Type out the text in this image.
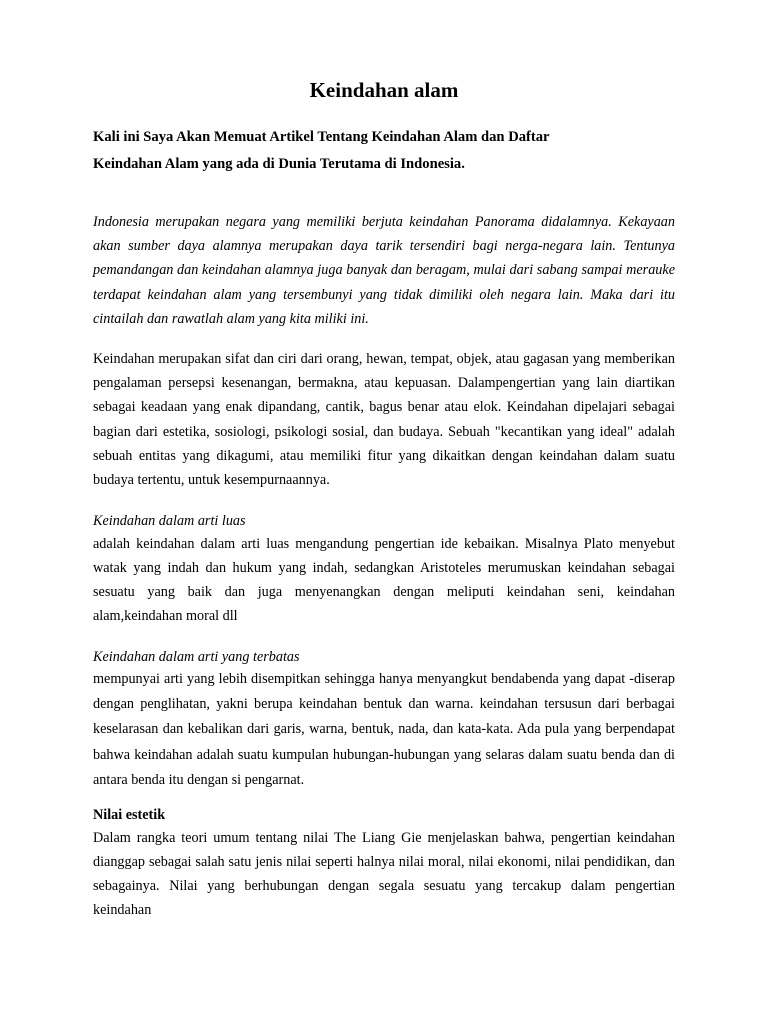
Keindahan alam

Kali ini Saya Akan Memuat Artikel Tentang Keindahan Alam dan Daftar
Keindahan Alam yang ada di Dunia Terutama di Indonesia.

Indonesia merupakan negara yang memiliki berjuta keindahan Panorama didalamnya. Kekayaan akan sumber daya alamnya merupakan daya tarik tersendiri bagi nerga-negara lain. Tentunya pemandangan dan keindahan alamnya juga banyak dan beragam, mulai dari sabang sampai merauke terdapat keindahan alam yang tersembunyi yang tidak dimiliki oleh negara lain. Maka dari itu cintailah dan rawatlah alam yang kita miliki ini.

Keindahan merupakan sifat dan ciri dari orang, hewan, tempat, objek, atau gagasan yang memberikan pengalaman persepsi kesenangan, bermakna, atau kepuasan. Dalampengertian yang lain diartikan sebagai keadaan yang enak dipandang, cantik, bagus benar atau elok. Keindahan dipelajari sebagai bagian dari estetika, sosiologi, psikologi sosial, dan budaya. Sebuah "kecantikan yang ideal" adalah sebuah entitas yang dikagumi, atau memiliki fitur yang dikaitkan dengan keindahan dalam suatu budaya tertentu, untuk kesempurnaannya.

Keindahan dalam arti luas

adalah keindahan dalam arti luas mengandung pengertian ide kebaikan. Misalnya Plato menyebut watak yang indah dan hukum yang indah, sedangkan Aristoteles merumuskan keindahan sebagai sesuatu yang baik dan juga menyenangkan dengan meliputi keindahan seni, keindahan alam,keindahan moral dll

Keindahan dalam arti yang terbatas

mempunyai arti yang lebih disempitkan sehingga hanya menyangkut bendabenda yang dapat -diserap dengan penglihatan, yakni berupa keindahan bentuk dan warna. keindahan tersusun dari berbagai keselarasan dan kebalikan dari garis, warna, bentuk, nada, dan kata-kata. Ada pula yang berpendapat bahwa keindahan adalah suatu kumpulan hubungan-hubungan yang selaras dalam suatu benda dan di antara benda itu dengan si pengarnat.

Nilai estetik

Dalam rangka teori umum tentang nilai The Liang Gie menjelaskan bahwa, pengertian keindahan dianggap sebagai salah satu jenis nilai seperti halnya nilai moral, nilai ekonomi, nilai pendidikan, dan sebagainya. Nilai yang berhubungan dengan segala sesuatu yang tercakup dalam pengertian keindahan
